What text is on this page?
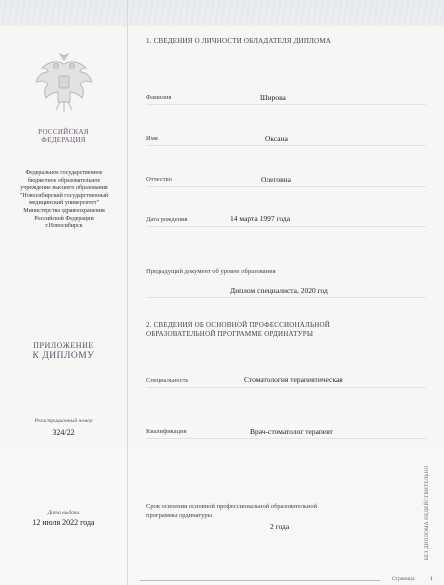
РОССИЙСКАЯ
ФЕДЕРАЦИЯ
Федеральное государственное
бюджетное образовательное
учреждение высшего образования
"Новосибирский государственный
медицинский университет"
Министерства здравоохранения
Российской Федерации
г.Новосибирск
ПРИЛОЖЕНИЕ
К ДИПЛОМУ
Регистрационный номер
324/22
Дата выдачи
12 июля 2022 года
1. СВЕДЕНИЯ О ЛИЧНОСТИ ОБЛАДАТЕЛЯ ДИПЛОМА
Фамилия	Широва
Имя	Оксана
Отчество	Олеговна
Дата рождения	14 марта 1997 года
Предыдущий документ об уровне образования
Диплом специалиста, 2020 год
2. СВЕДЕНИЯ ОБ ОСНОВНОЙ ПРОФЕССИОНАЛЬНОЙ
ОБРАЗОВАТЕЛЬНОЙ ПРОГРАММЕ ОРДИНАТУРЫ
Специальность	Стоматология терапевтическая
Квалификация	Врач-стоматолог терапевт
Срок освоения основной профессиональной образовательной
программы ординатуры
2 года	БЕЗ ДИПЛОМА НЕДЕЙСТВИТЕЛЬНО
Страница	1
